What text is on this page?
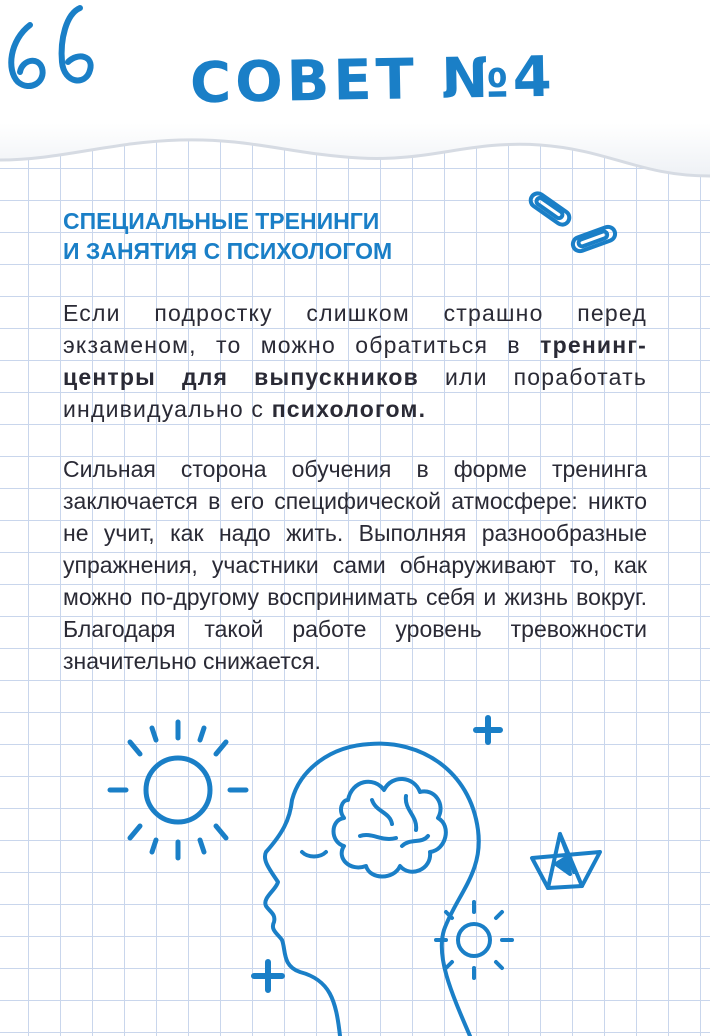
СОВЕТ №4
СПЕЦИАЛЬНЫЕ ТРЕНИНГИ
И ЗАНЯТИЯ С ПСИХОЛОГОМ

Если подростку слишком страшно перед экзаменом, то можно обратиться в тренинг-центры для выпускников или поработать индивидуально с психологом.

Сильная сторона обучения в форме тренинга заключается в его специфической атмосфере: никто не учит, как надо жить. Выполняя разнообразные упражнения, участники сами обнаруживают то, как можно по-другому воспринимать себя и жизнь вокруг. Благодаря такой работе уровень тревожности значительно снижается.
